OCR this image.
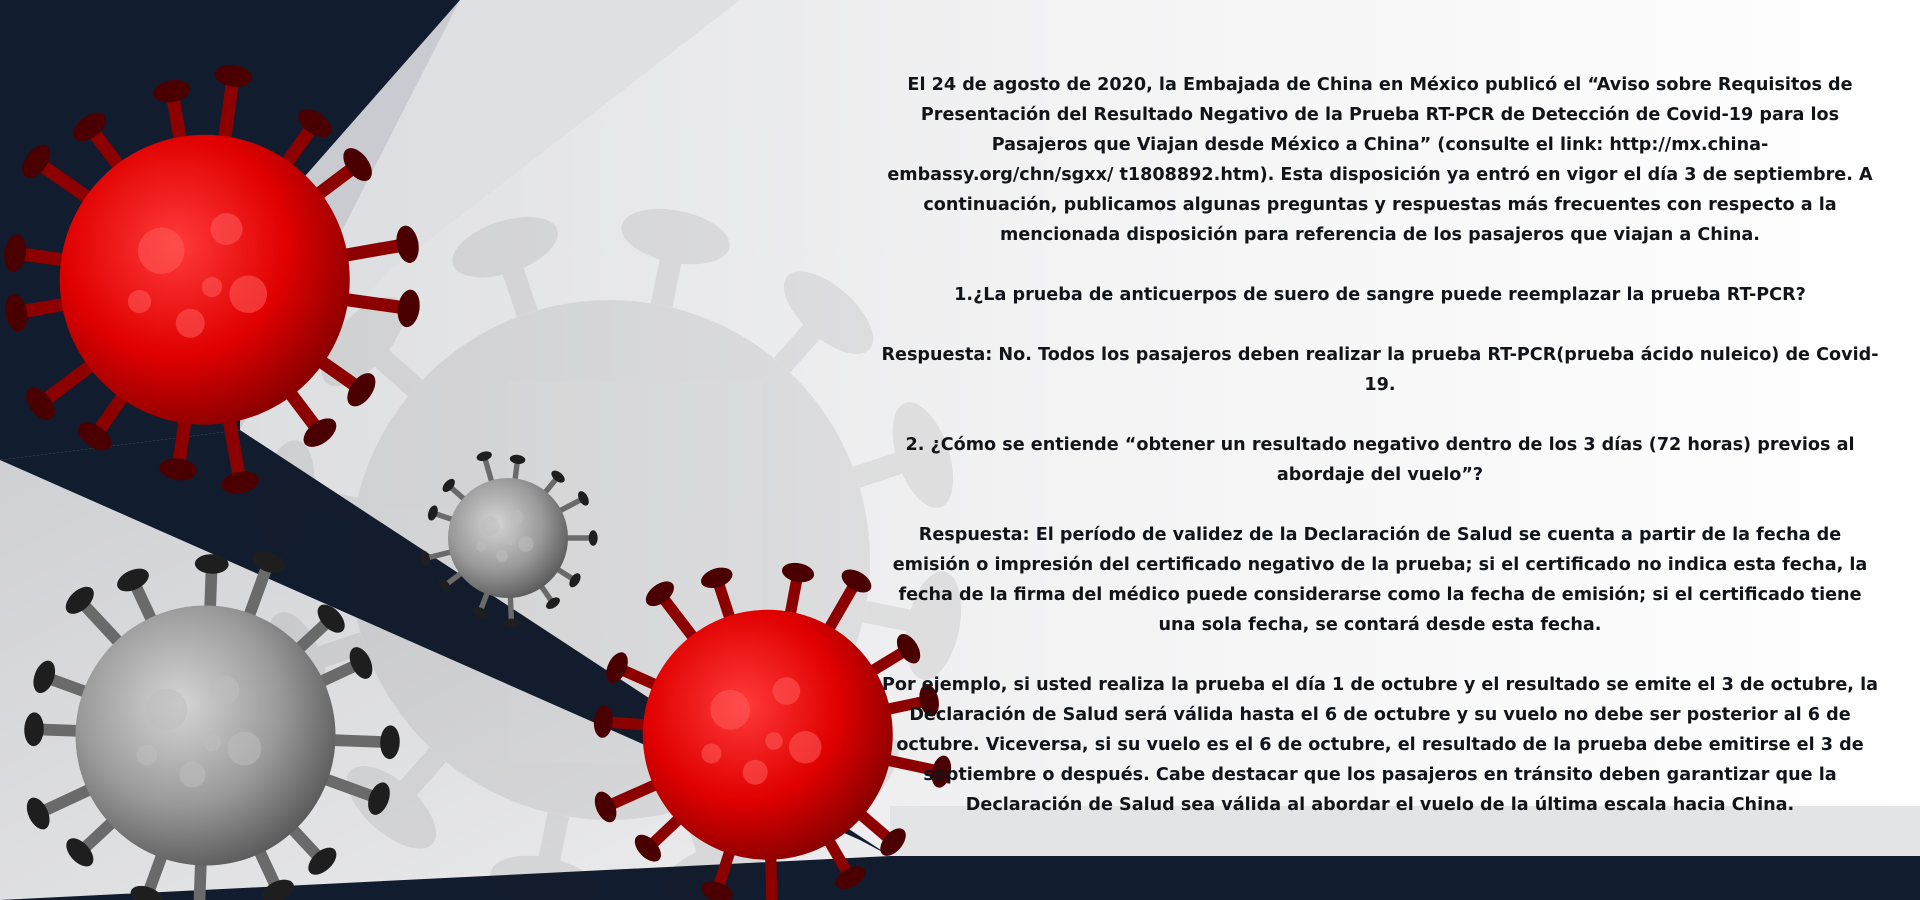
El 24 de agosto de 2020, la Embajada de China en México publicó el “Aviso sobre Requisitos de Presentación del Resultado Negativo de la Prueba RT-PCR de Detección de Covid-19 para los Pasajeros que Viajan desde México a China” (consulte el link: http://mx.china-embassy.org/chn/sgxx/ t1808892.htm). Esta disposición ya entró en vigor el día 3 de septiembre. A continuación, publicamos algunas preguntas y respuestas más frecuentes con respecto a la mencionada disposición para referencia de los pasajeros que viajan a China.

1.¿La prueba de anticuerpos de suero de sangre puede reemplazar la prueba RT-PCR?

Respuesta: No. Todos los pasajeros deben realizar la prueba RT-PCR(prueba ácido nuleico) de Covid-19.

2. ¿Cómo se entiende “obtener un resultado negativo dentro de los 3 días (72 horas) previos al abordaje del vuelo”?

Respuesta: El período de validez de la Declaración de Salud se cuenta a partir de la fecha de emisión o impresión del certificado negativo de la prueba; si el certificado no indica esta fecha, la fecha de la firma del médico puede considerarse como la fecha de emisión; si el certificado tiene una sola fecha, se contará desde esta fecha.

Por ejemplo, si usted realiza la prueba el día 1 de octubre y el resultado se emite el 3 de octubre, la Declaración de Salud será válida hasta el 6 de octubre y su vuelo no debe ser posterior al 6 de octubre. Viceversa, si su vuelo es el 6 de octubre, el resultado de la prueba debe emitirse el 3 de septiembre o después. Cabe destacar que los pasajeros en tránsito deben garantizar que la Declaración de Salud sea válida al abordar el vuelo de la última escala hacia China.
